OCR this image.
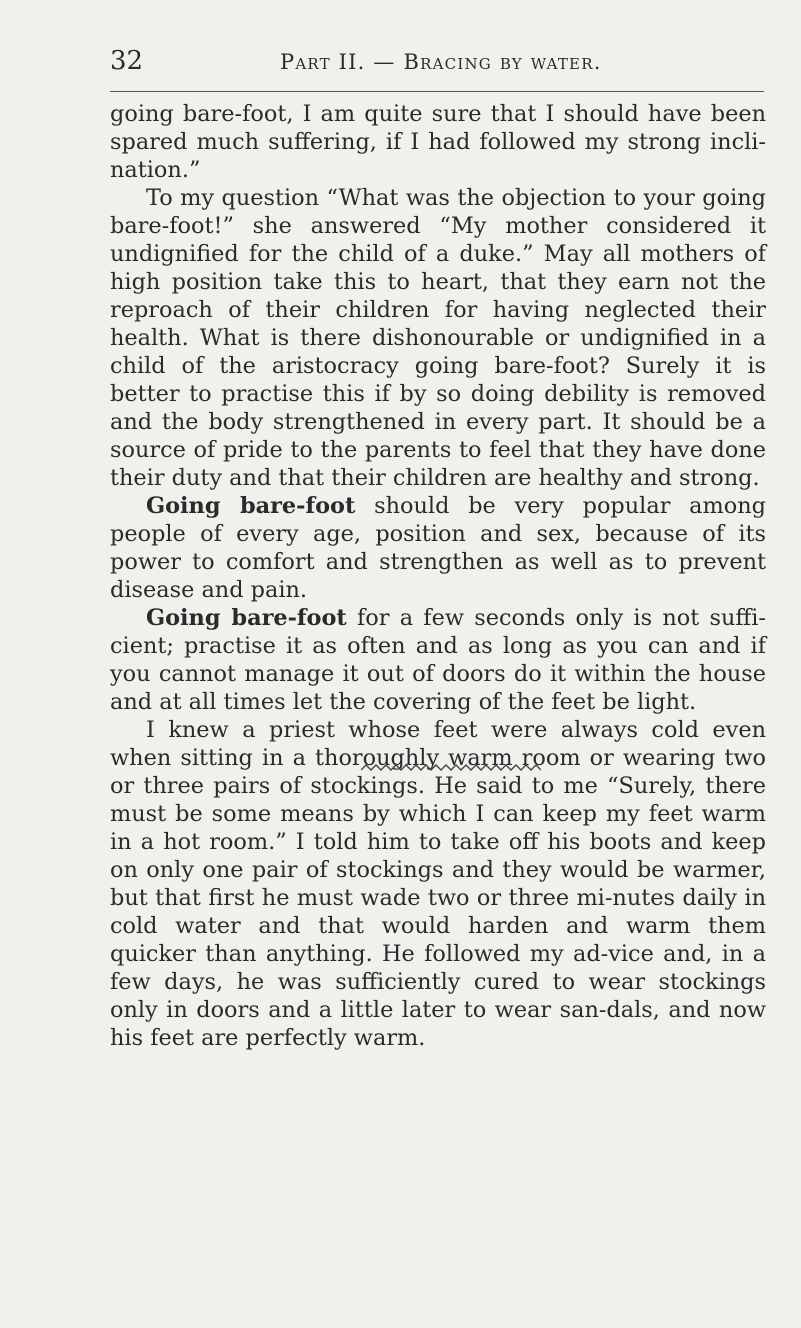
32	Part II. — Bracing by water.

going bare-foot, I am quite sure that I should have been spared much suffering, if I had followed my strong incli-nation.”

To my question “What was the objection to your going bare-foot!” she answered “My mother considered it undignified for the child of a duke.” May all mothers of high position take this to heart, that they earn not the reproach of their children for having neglected their health. What is there dishonourable or undignified in a child of the aristocracy going bare-foot? Surely it is better to practise this if by so doing debility is removed and the body strengthened in every part. It should be a source of pride to the parents to feel that they have done their duty and that their children are healthy and strong.

Going bare-foot should be very popular among people of every age, position and sex, because of its power to comfort and strengthen as well as to prevent disease and pain.

Going bare-foot for a few seconds only is not suffi-cient; practise it as often and as long as you can and if you cannot manage it out of doors do it within the house and at all times let the covering of the feet be light.

I knew a priest whose feet were always cold even when sitting in a thoroughly warm room or wearing two or three pairs of stockings. He said to me “Surely, there must be some means by which I can keep my feet warm in a hot room.” I told him to take off his boots and keep on only one pair of stockings and they would be warmer, but that first he must wade two or three mi-nutes daily in cold water and that would harden and warm them quicker than anything. He followed my ad-vice and, in a few days, he was sufficiently cured to wear stockings only in doors and a little later to wear san-dals, and now his feet are perfectly warm.
